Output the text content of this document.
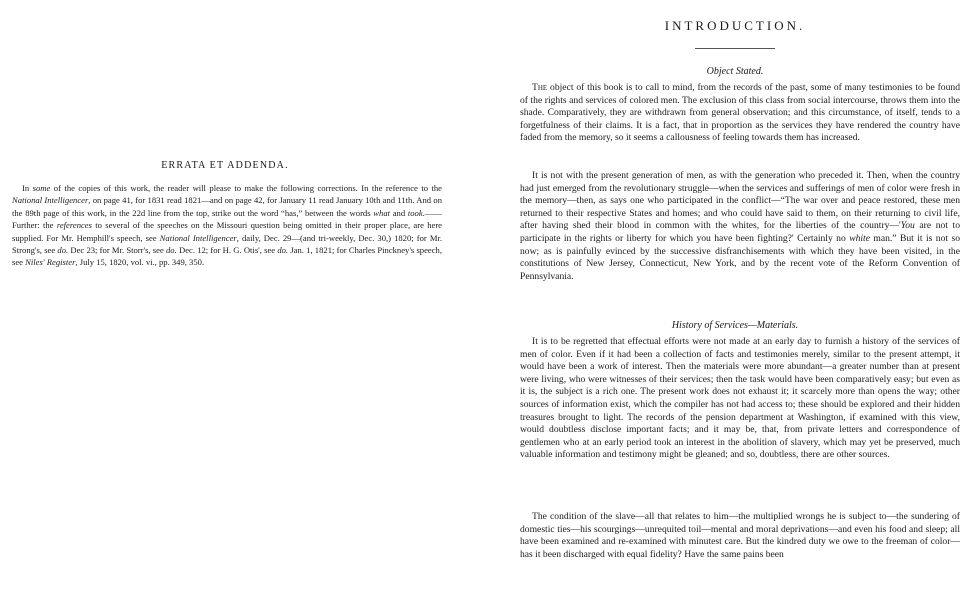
ERRATA ET ADDENDA.

In some of the copies of this work, the reader will please to make the following corrections. In the reference to the National Intelligencer, on page 41, for 1831 read 1821—and on page 42, for January 11 read January 10th and 11th. And on the 89th page of this work, in the 22d line from the top, strike out the word “has,” between the words what and took.——Further: the references to several of the speeches on the Missouri question being omitted in their proper place, are here supplied. For Mr. Hemphill's speech, see National Intelligencer, daily, Dec. 29—(and tri-weekly, Dec. 30,) 1820; for Mr. Strong's, see do. Dec 23; for Mr. Storr's, see do. Dec. 12; for H. G. Otis', see do. Jan. 1, 1821; for Charles Pinckney's speech, see Niles' Register, July 15, 1820, vol. vi., pp. 349, 350.

INTRODUCTION.
Object Stated.

The object of this book is to call to mind, from the records of the past, some of many testimonies to be found of the rights and services of colored men. The exclusion of this class from social intercourse, throws them into the shade. Comparatively, they are withdrawn from general observation; and this circumstance, of itself, tends to a forgetfulness of their claims. It is a fact, that in proportion as the services they have rendered the country have faded from the memory, so it seems a callousness of feeling towards them has increased.

It is not with the present generation of men, as with the generation who preceded it. Then, when the country had just emerged from the revolutionary struggle—when the services and sufferings of men of color were fresh in the memory—then, as says one who participated in the conflict—“The war over and peace restored, these men returned to their respective States and homes; and who could have said to them, on their returning to civil life, after having shed their blood in common with the whites, for the liberties of the country—'You are not to participate in the rights or liberty for which you have been fighting?' Certainly no white man.” But it is not so now; as is painfully evinced by the successive disfranchisements with which they have been visited, in the constitutions of New Jersey, Connecticut, New York, and by the recent vote of the Reform Convention of Pennsylvania.

History of Services—Materials.

It is to be regretted that effectual efforts were not made at an early day to furnish a history of the services of men of color. Even if it had been a collection of facts and testimonies merely, similar to the present attempt, it would have been a work of interest. Then the materials were more abundant—a greater number than at present were living, who were witnesses of their services; then the task would have been comparatively easy; but even as it is, the subject is a rich one. The present work does not exhaust it; it scarcely more than opens the way; other sources of information exist, which the compiler has not had access to; these should be explored and their hidden treasures brought to light. The records of the pension department at Washington, if examined with this view, would doubtless disclose important facts; and it may be, that, from private letters and correspondence of gentlemen who at an early period took an interest in the abolition of slavery, which may yet be preserved, much valuable information and testimony might be gleaned; and so, doubtless, there are other sources.

The condition of the slave—all that relates to him—the multiplied wrongs he is subject to—the sundering of domestic ties—his scourgings—unrequited toil—mental and moral deprivations—and even his food and sleep; all have been examined and re-examined with minutest care. But the kindred duty we owe to the freeman of color—has it been discharged with equal fidelity? Have the same pains been
